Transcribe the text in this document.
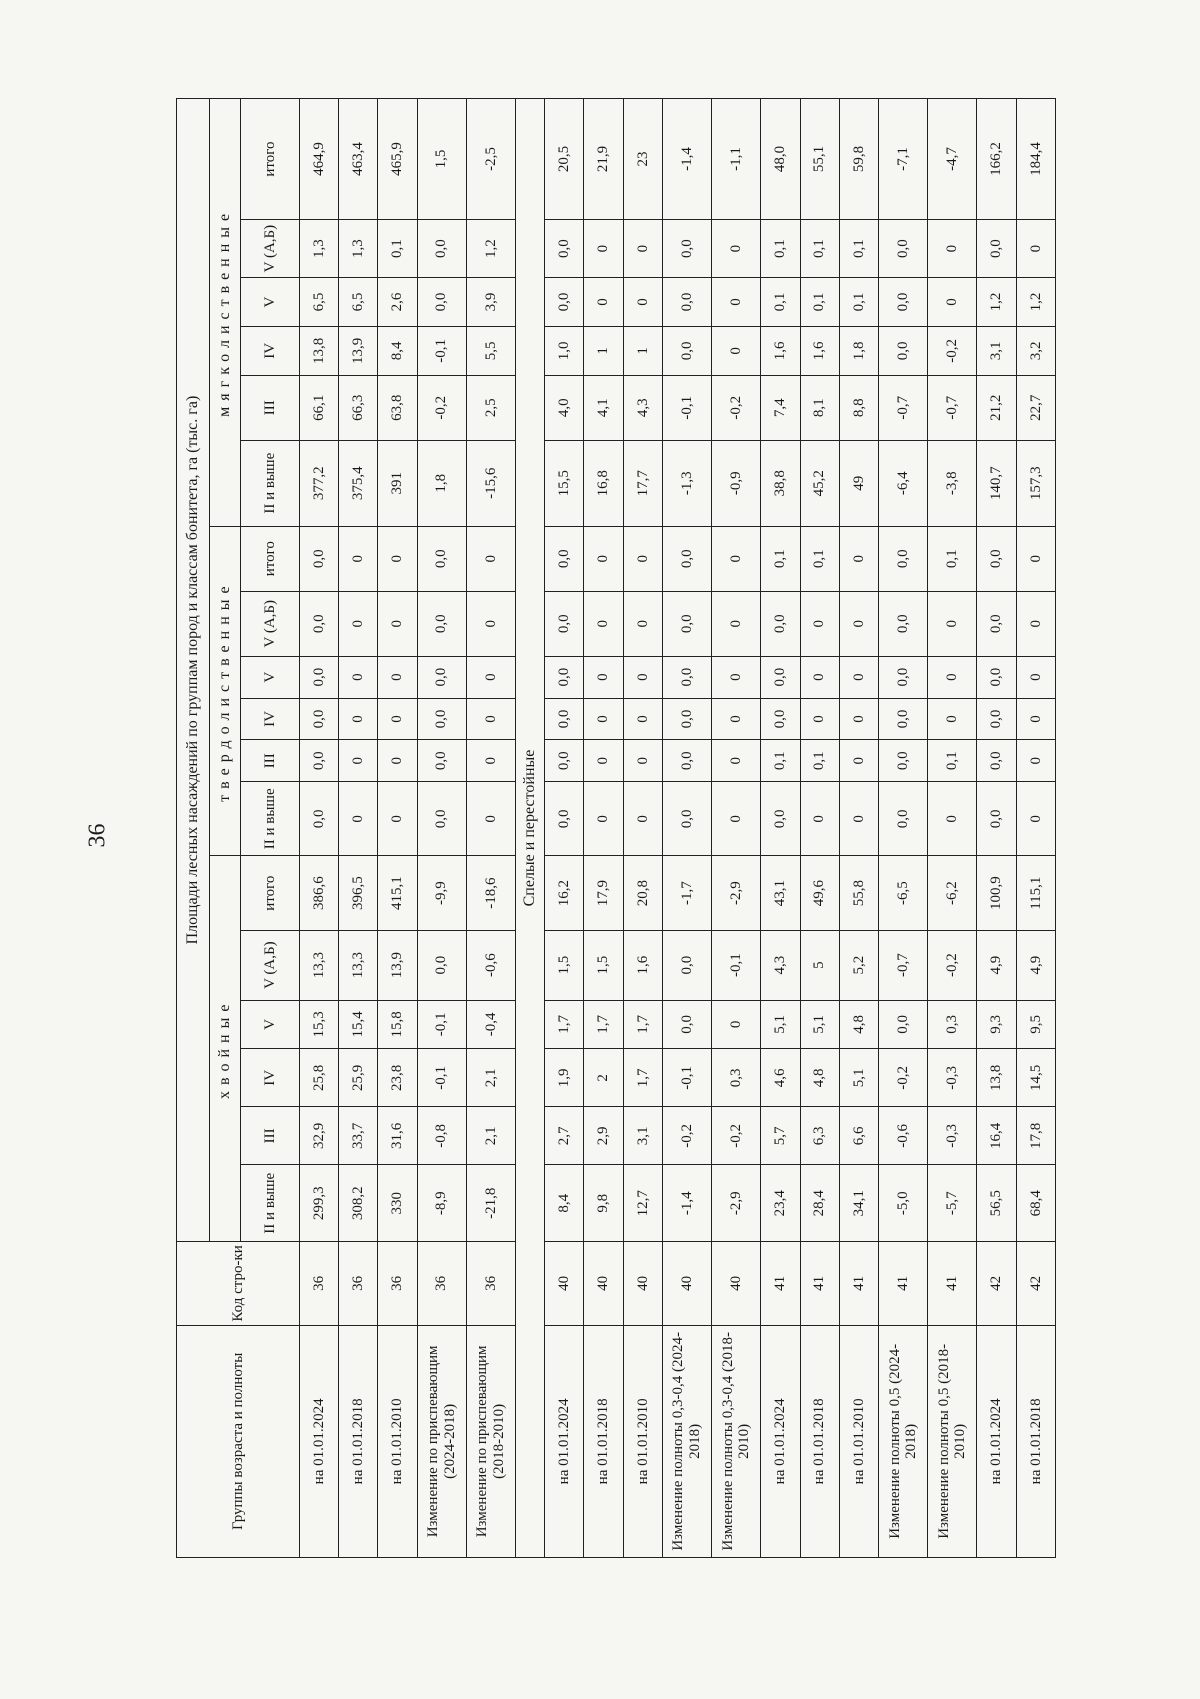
36
Группы возраста и полноты	Код стро-ки	Площади лесных насаждений по группам пород и классам бонитета, га (тыс. га)																	
		хвойные						твердолиственные						мягколиственные					
		II и выше	III	IV	V	V (А,Б)	итого	II и выше	III	IV	V	V (А,Б)	итого	II и выше	III	IV	V	V (А,Б)	итого
на 01.01.2024	36	299,3	32,9	25,8	15,3	13,3	386,6	0,0	0,0	0,0	0,0	0,0	0,0	377,2	66,1	13,8	6,5	1,3	464,9
на 01.01.2018	36	308,2	33,7	25,9	15,4	13,3	396,5	0	0	0	0	0	0	375,4	66,3	13,9	6,5	1,3	463,4
на 01.01.2010	36	330	31,6	23,8	15,8	13,9	415,1	0	0	0	0	0	0	391	63,8	8,4	2,6	0,1	465,9
Изменение по приспевающим (2024-2018)	36	-8,9	-0,8	-0,1	-0,1	0,0	-9,9	0,0	0,0	0,0	0,0	0,0	0,0	1,8	-0,2	-0,1	0,0	0,0	1,5
Изменение по приспевающим (2018-2010)	36	-21,8	2,1	2,1	-0,4	-0,6	-18,6	0	0	0	0	0	0	-15,6	2,5	5,5	3,9	1,2	-2,5
Спелые и перестойные																			
на 01.01.2024	40	8,4	2,7	1,9	1,7	1,5	16,2	0,0	0,0	0,0	0,0	0,0	0,0	15,5	4,0	1,0	0,0	0,0	20,5
на 01.01.2018	40	9,8	2,9	2	1,7	1,5	17,9	0	0	0	0	0	0	16,8	4,1	1	0	0	21,9
на 01.01.2010	40	12,7	3,1	1,7	1,7	1,6	20,8	0	0	0	0	0	0	17,7	4,3	1	0	0	23
Изменение полноты 0,3-0,4 (2024-2018)	40	-1,4	-0,2	-0,1	0,0	0,0	-1,7	0,0	0,0	0,0	0,0	0,0	0,0	-1,3	-0,1	0,0	0,0	0,0	-1,4
Изменение полноты 0,3-0,4 (2018-2010)	40	-2,9	-0,2	0,3	0	-0,1	-2,9	0	0	0	0	0	0	-0,9	-0,2	0	0	0	-1,1
на 01.01.2024	41	23,4	5,7	4,6	5,1	4,3	43,1	0,0	0,1	0,0	0,0	0,0	0,1	38,8	7,4	1,6	0,1	0,1	48,0
на 01.01.2018	41	28,4	6,3	4,8	5,1	5	49,6	0	0,1	0	0	0	0,1	45,2	8,1	1,6	0,1	0,1	55,1
на 01.01.2010	41	34,1	6,6	5,1	4,8	5,2	55,8	0	0	0	0	0	0	49	8,8	1,8	0,1	0,1	59,8
Изменение полноты 0,5 (2024-2018)	41	-5,0	-0,6	-0,2	0,0	-0,7	-6,5	0,0	0,0	0,0	0,0	0,0	0,0	-6,4	-0,7	0,0	0,0	0,0	-7,1
Изменение полноты 0,5 (2018-2010)	41	-5,7	-0,3	-0,3	0,3	-0,2	-6,2	0	0,1	0	0	0	0,1	-3,8	-0,7	-0,2	0	0	-4,7
на 01.01.2024	42	56,5	16,4	13,8	9,3	4,9	100,9	0,0	0,0	0,0	0,0	0,0	0,0	140,7	21,2	3,1	1,2	0,0	166,2
на 01.01.2018	42	68,4	17,8	14,5	9,5	4,9	115,1	0	0	0	0	0	0	157,3	22,7	3,2	1,2	0	184,4
